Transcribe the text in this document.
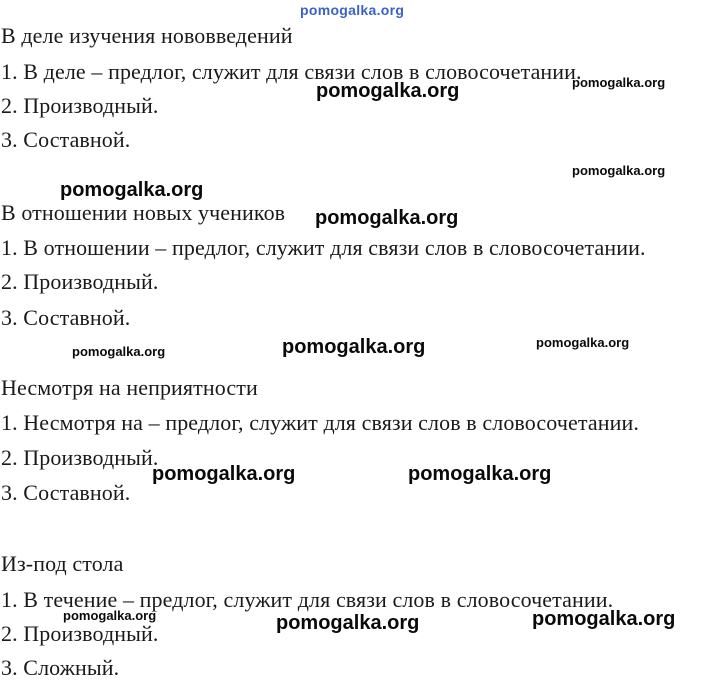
pomogalka.org
В деле изучения нововведений
1. В деле – предлог, служит для связи слов в словосочетании.
2. Производный.
3. Составной.
В отношении новых учеников
1. В отношении – предлог, служит для связи слов в словосочетании.
2. Производный.
3. Составной.
Несмотря на неприятности
1. Несмотря на – предлог, служит для связи слов в словосочетании.
2. Производный.
3. Составной.
Из-под стола
1. В течение – предлог, служит для связи слов в словосочетании.
2. Производный.
3. Сложный.
pomogalka.org	pomogalka.org
pomogalka.org
pomogalka.org
pomogalka.org
pomogalka.org	pomogalka.org	pomogalka.org
pomogalka.org	pomogalka.org
pomogalka.org	pomogalka.org	pomogalka.org
